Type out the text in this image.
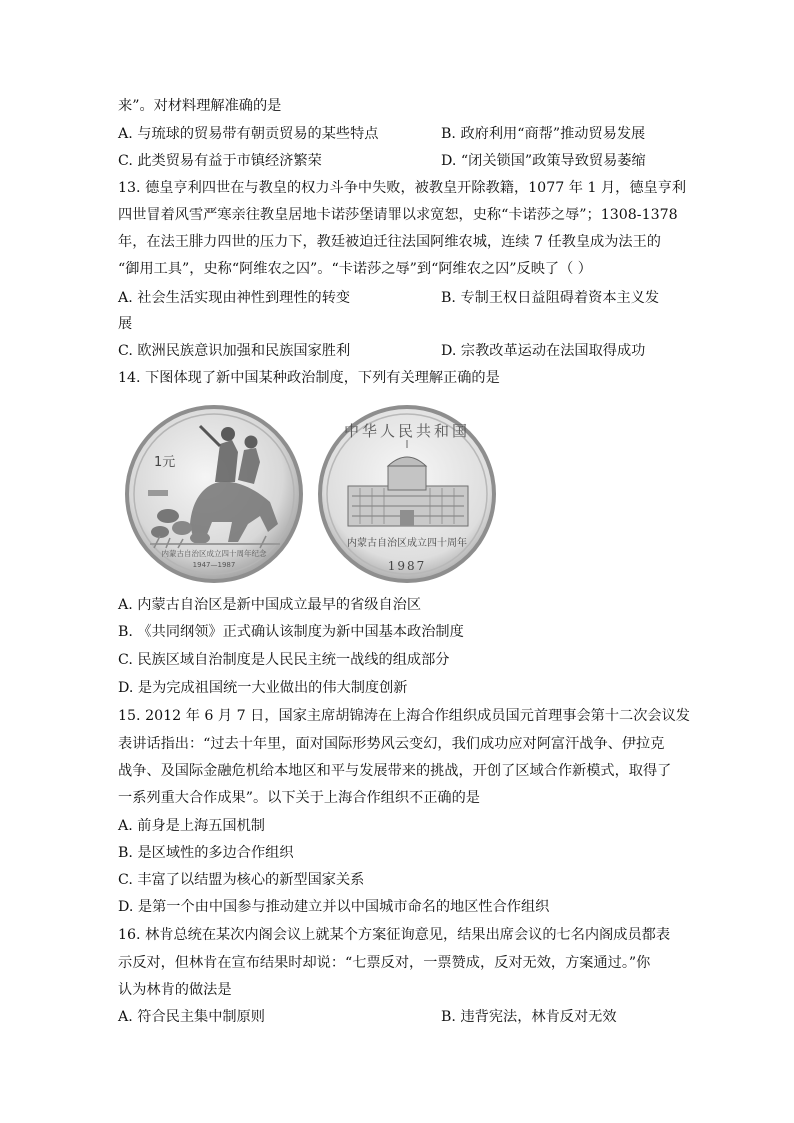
来”。对材料理解准确的是
A. 与琉球的贸易带有朝贡贸易的某些特点	B. 政府利用“商帮”推动贸易发展
C. 此类贸易有益于市镇经济繁荣	D. “闭关锁国”政策导致贸易萎缩
13. 德皇亨利四世在与教皇的权力斗争中失败，被教皇开除教籍，1077 年 1 月，德皇亨利
四世冒着风雪严寒亲往教皇居地卡诺莎堡请罪以求宽恕，史称“卡诺莎之辱”；1308-1378
年，在法王腓力四世的压力下，教廷被迫迁往法国阿维农城，连续 7 任教皇成为法王的
“御用工具”，史称“阿维农之囚”。“卡诺莎之辱”到“阿维农之囚”反映了（ ）
A. 社会生活实现由神性到理性的转变	B. 专制王权日益阻碍着资本主义发
展
C. 欧洲民族意识加强和民族国家胜利	D. 宗教改革运动在法国取得成功
14. 下图体现了新中国某种政治制度，下列有关理解正确的是
1元
内蒙古自治区成立四十周年纪念
1947—1987
中华人民共和国
内蒙古自治区成立四十周年
1987
A. 内蒙古自治区是新中国成立最早的省级自治区
B. 《共同纲领》正式确认该制度为新中国基本政治制度
C. 民族区域自治制度是人民民主统一战线的组成部分
D. 是为完成祖国统一大业做出的伟大制度创新
15. 2012 年 6 月 7 日，国家主席胡锦涛在上海合作组织成员国元首理事会第十二次会议发
表讲话指出：“过去十年里，面对国际形势风云变幻，我们成功应对阿富汗战争、伊拉克
战争、及国际金融危机给本地区和平与发展带来的挑战，开创了区域合作新模式，取得了
一系列重大合作成果”。以下关于上海合作组织不正确的是
A. 前身是上海五国机制
B. 是区域性的多边合作组织
C. 丰富了以结盟为核心的新型国家关系
D. 是第一个由中国参与推动建立并以中国城市命名的地区性合作组织
16. 林肯总统在某次内阁会议上就某个方案征询意见，结果出席会议的七名内阁成员都表
示反对，但林肯在宣布结果时却说：“七票反对，一票赞成，反对无效，方案通过。”你
认为林肯的做法是
A. 符合民主集中制原则	B. 违背宪法，林肯反对无效
